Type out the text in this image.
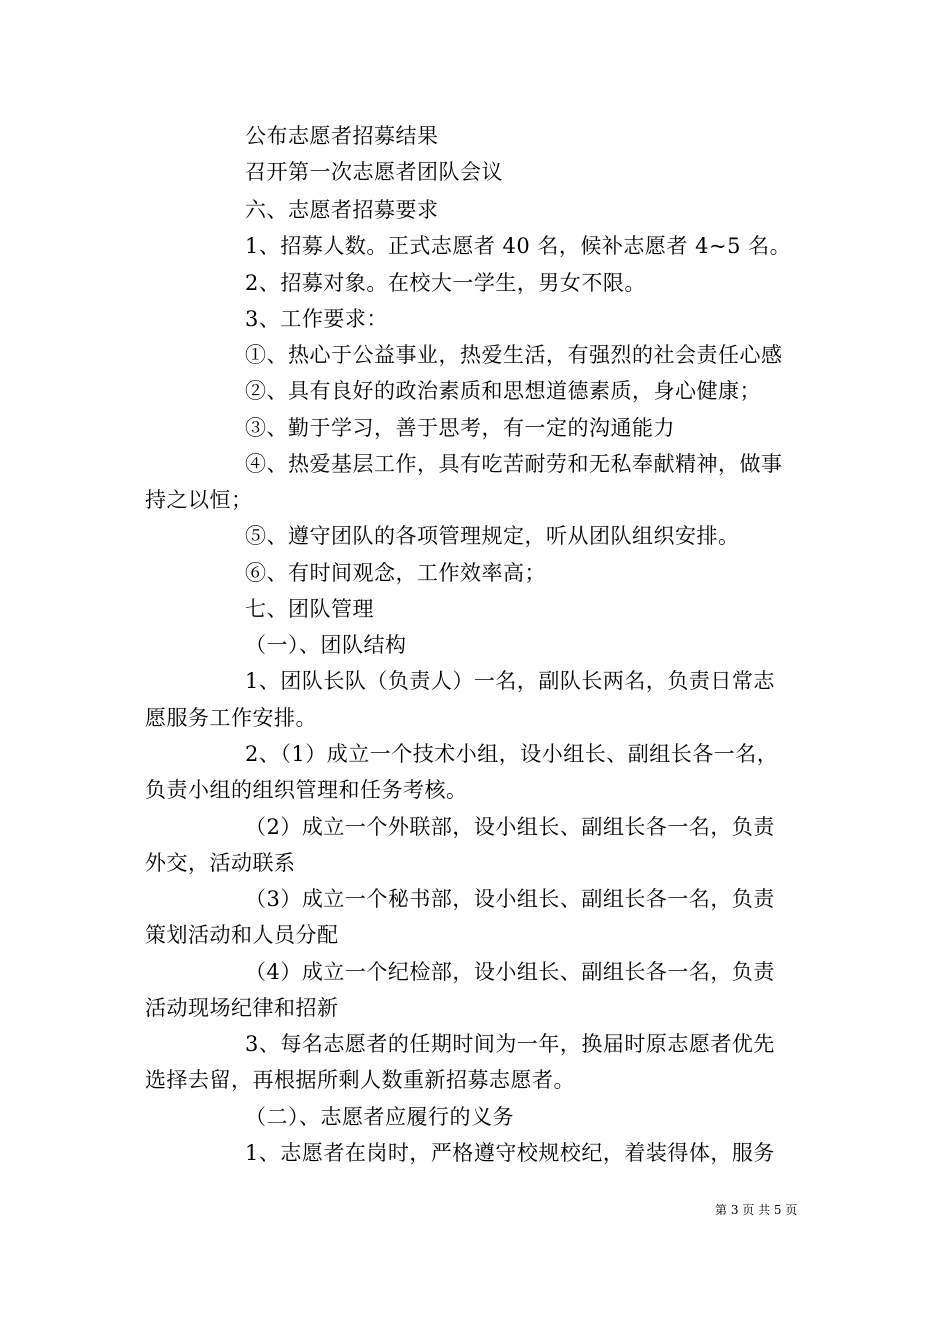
公布志愿者招募结果
召开第一次志愿者团队会议
六、志愿者招募要求
1、招募人数。正式志愿者 40 名，候补志愿者 4~5 名。
2、招募对象。在校大一学生，男女不限。
3、工作要求：
①、热心于公益事业，热爱生活，有强烈的社会责任心感
②、具有良好的政治素质和思想道德素质，身心健康；
③、勤于学习，善于思考，有一定的沟通能力
④、热爱基层工作，具有吃苦耐劳和无私奉献精神，做事
持之以恒；
⑤、遵守团队的各项管理规定，听从团队组织安排。
⑥、有时间观念，工作效率高；
七、团队管理
（一）、团队结构
1、团队长队（负责人）一名，副队长两名，负责日常志
愿服务工作安排。
2、（1）成立一个技术小组，设小组长、副组长各一名，
负责小组的组织管理和任务考核。
（2）成立一个外联部，设小组长、副组长各一名，负责
外交，活动联系
（3）成立一个秘书部，设小组长、副组长各一名，负责
策划活动和人员分配
（4）成立一个纪检部，设小组长、副组长各一名，负责
活动现场纪律和招新
3、每名志愿者的任期时间为一年，换届时原志愿者优先
选择去留，再根据所剩人数重新招募志愿者。
（二）、志愿者应履行的义务
1、志愿者在岗时，严格遵守校规校纪，着装得体，服务
第 3 页 共 5 页
